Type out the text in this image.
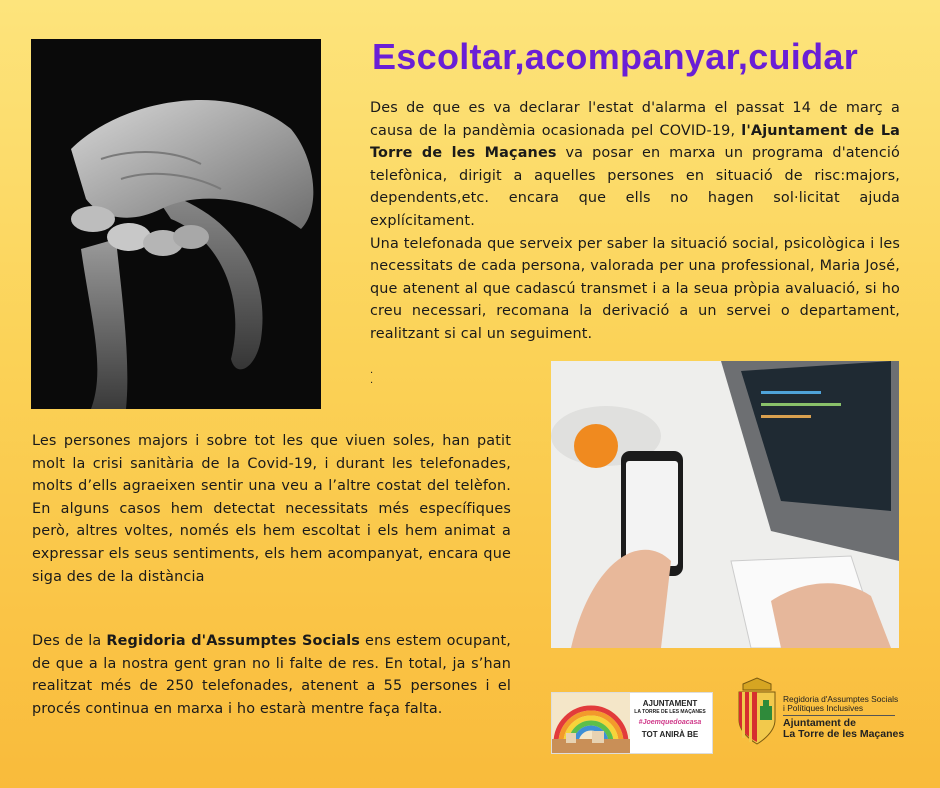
Escoltar,acompanyar,cuidar
Des de que es va declarar l'estat d'alarma el passat 14 de març a causa de la pandèmia ocasionada pel COVID-19, l'Ajuntament de La Torre de les Maçanes va posar en marxa un programa d'atenció telefònica, dirigit a aquelles persones en situació de risc:majors, dependents,etc. encara que ells no hagen sol·licitat ajuda explícitament.
Una telefonada que serveix per saber la situació social, psicològica i les necessitats de cada persona, valorada per una professional, Maria José, que atenent al que cadascú transmet i a la seua pròpia avaluació, si ho creu necessari, recomana la derivació a un servei o departament, realitzant si cal un seguiment.
.
.
Les persones majors i sobre tot les que viuen soles, han patit molt la crisi sanitària de la Covid-19, i durant les telefonades, molts d’ells agraeixen sentir una veu a l’altre costat del telèfon. En alguns casos hem detectat necessitats més específiques però, altres voltes, només els hem escoltat i els hem animat a expressar els seus sentiments, els hem acompanyat, encara que siga des de la distància
Des de la Regidoria d'Assumptes Socials ens estem ocupant, de que a la nostra gent gran no li falte de res. En total, ja s’han realitzat més de 250 telefonades, atenent a 55 persones i el procés continua en marxa i ho estarà mentre faça falta.	AJUNTAMENT
LA TORRE DE LES MAÇANES
#Joemquedoacasa
TOT ANIRÀ BE
Regidoria d'Assumptes Socials
i Polítiques Inclusives
Ajuntament de
La Torre de les Maçanes
